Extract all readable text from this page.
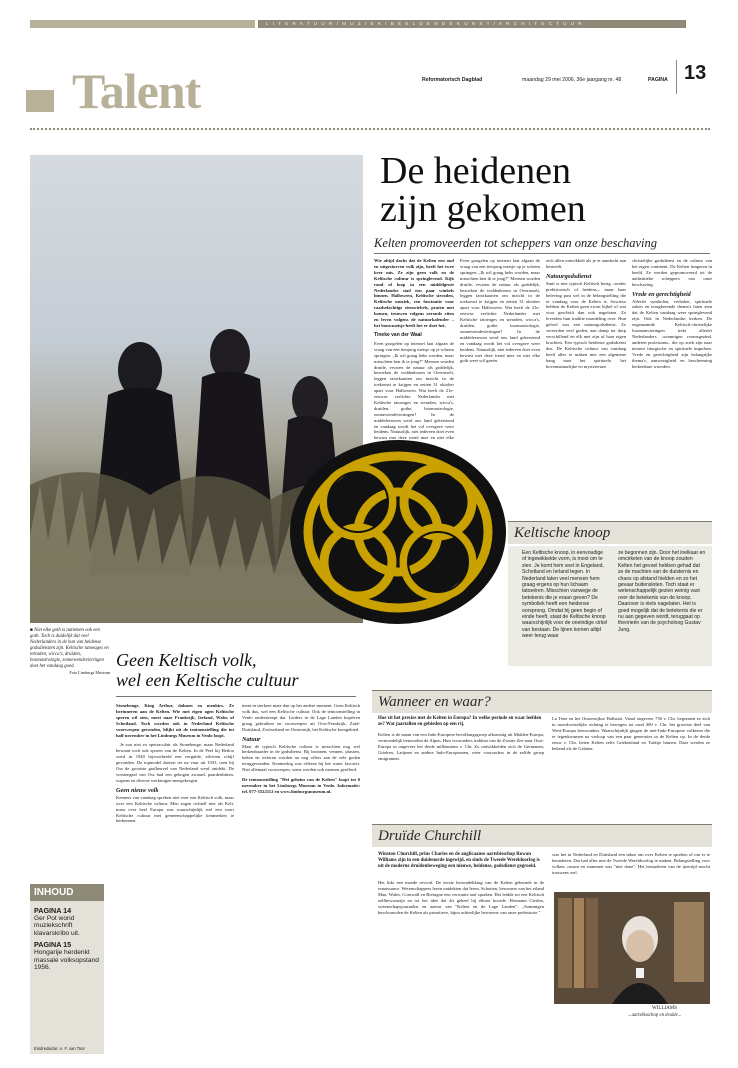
L I T E R A T U U R / M U Z I E K / B E E L D E N D E K U N S T / A R C H I T E C T U U R
Talent	Reformatorisch Dagblad	maandag 29 mei 2006, 36e jaargang nr. 48	PAGINA 13
De heidenen
zijn gekomen
Kelten promoveerden tot scheppers van onze beschaving

Wie altijd dacht dat de Kelten een oud en uitgestorven volk zijn, heeft het twee keer mis. Ze zijn geen volk en de Keltische cultuur is springlevend. Kijk rond of loop in een middelgrote Nederlandse stad een paar winkels binnen. Halloween, Keltische sieraden, Keltische muziek, een fascinatie voor raadselachtige steencirkels, praten met bomen, trouwen volgens oeroude riten en leven volgens de natuurkalender – het bouwmeisje heeft het er doet het.

Tineke van der Waal

Even googelen op internet laat afgaan de vraag van een tienjarig meisje op je scherm springen: „Ik wil graag heks worden, maar misschien ben ik te jong?” Mensen worden druïde, ervaren de natuur als goddelijk, bezoeken de voddenboom in Overasselt, leggen tarotkaarten om inzicht in de toekomst te krijgen en zetten 31 oktober apart voor Halloween. Wat heeft de 21e-eeuwse verlichte Nederlander met Keltische tatoeages en sieraden, wicca's, druïden, gothe, boomastrologie, zonnewendevieringen? In de middeleeuwen werd ons land gekerstend en vandaag wordt het vol overgave weer heidens. Natuurlijk, niet iedereen doet even bewust met deze trend mee en niet elke goth weet wil geeën.

Even googelen op internet laat afgaan de vraag van een tienjarig meisje op je scherm springen: „Ik wil graag heks worden, maar misschien ben ik te jong?” Mensen worden druïde, ervaren de natuur als goddelijk, bezoeken de voddenboom in Overasselt, leggen tarotkaarten om inzicht in de toekomst te krijgen en zetten 31 oktober apart voor Halloween. Wat heeft de 21e-eeuwse verlichte Nederlander met Keltische tatoeages en sieraden, wicca's, druïden, gothe, boomastrologie, zonnewendevieringen? In de middeleeuwen werd ons land gekerstend en vandaag wordt het vol overgave weer heidens. Natuurlijk, niet iedereen doet even bewust met deze trend mee en niet elke goth weet wil geeën.

zich allen ontwikkelt als je er aandacht aan besteedt.

Natuurgodsdienst

Smit is niet typisch Keltisch bezig –eerder prehistorisch of heidens–, maar haar beleving past wel in de belangstelling die er vandaag voor de Kelten is. Sowieso hebben de Kelten geen zwart bijbel of wat voor geschrift dan ook nagelaten. Ze leverden hun traditie mondeling over. Hun geloof was een natuurgodsdienst. Ze vereerden veel goden, aan damp tot dorp verschillend en elk met zijn of haar eigen krachten. Een typisch heidense godsdienst dus. De Keltische cultuur van vandaag heeft alles te maken met een algemene hang naar het spirituele, het bovennatuurlijke en mysterieuze.

christelijke godsdienst en de cultuur van het eigen continent. De Kelten fungeren in beeld. Ze werden gepromoveerd tot de authentieke scheppers van onze beschaving.

Vrede en gerechtigheid

Allerlei symbolen, verhalen, spirituele zaken en terugkerende thema's laten zien dat de Kelten vandaag weer springlevend zijn. Ook in Nederlandse kerken. De zogenaamde Keltisch-christelijke losmaanvieringen trekt allerlei Nederlanders –sommigen roomsgezind, anderen protestants– die op zoek zijn naar nieuwe liturgische en spirituele impulsen. Vrede en gerechtigheid zijn belangrijke thema's, aanwezigheid en bescherming herkenbare woorden.

Keltische knoop
Een Keltische knoop, in eenvoudige of ingewikkelde vorm, is mooi om te zien. Je komt hem veel in Engeland, Schotland en Ierland tegen. In Nederland laten veel mensen hem graag ergens op hun lichaam tatoeëren. Misschien vanwege de betekenis die je eraan geven? De symboliek heeft een heidense oorsprong. Omdat hij geen begin of einde heeft, staat de Keltische knoop waarschijnlijk voor de oneindige cirkel van bestaan. De lijnen komen altijd weer terug waar
ze begonnen zijn. Door het inelkaar en omcirkelen van de knoop zouden Kelten het gevoel hebben gehad dat ze de machten van de duisternis en chaos op afstand hielden en zo het gevaar buitensloten. Toch staat er wetenschappelijk gezien weinig vast over de betekenis van de knoop. Daarover is niets nagelaten. Het is goed mogelijk dat de betekenis die er nu aan gegeven wordt, teruggaat op theorieën van de psycholoog Gustav Jung.
■ Niet elke goth is natiemen ook een goth. Toch is duidelijk dat veel Nederlanders in de ban van heidense godsdiensten zijn. Keltische tatoeages en tetraden, wicca's, druïden, boomastrologie, zonnewendevieringen doet het vandaag goed.
Foto Limburgs Museum
Geen Keltisch volk,
wel een Keltische cultuur

Stonehenge, King Arthur, dolmen en menhirs. Ze herinneren aan de Kelten. Wie met eigen ogen Keltische sporen wil zien, moet naar Frankrijk, Ierland, Wales of Schotland. Toch worden ook in Nederland Keltische voorwerpen gevonden, blijkt uit de tentoonstelling die tot half november in het Limburgs Museum in Venlo loopt.

Je zou niet zo spectaculair als Stonehenge, maar Nederland bewaart toch ook sporen van de Kelten. In de Peel bij Heiloo werd in 1940 bijvoorbeeld een vergulde, zilveren schijf gevonden. De topmodel dateert tot na vuur uit 1933, toen bij Oss de grootste grafheuvel van Nederland werd ontdekt. De vorstengraf van Oss had een gebogen zwaard, paardenbitten, wapens en diverse werktuigen meegekregen.

Geen nieuw volk

Kenners van vandaag spreken niet over een Keltisch volk, maar over een Keltische cultuur. Men zagen richtelf niet als Kelt, maar over heel Europa was waarschijnlijk wel een soort Keltische cultuur met gemeenschappelijke kenmerken te herkennen.

ment in sterkere mate dan op het andere moment. Geen Keltisch volk dus, wel een Keltische cultuur. Ook de tentoonstelling in Venlo onderstreept dat. Leiders in de Lage Landen kopiëren graag gebruiken en voorwerpen uit Oost-Frankrijk, Zuid-Duitsland, Zwitserland en Oostenrijk, het Keltische kerngebied.

Natuur

Maar de typisch Keltische cultuur is misschien nog wel herkenbaarder in de godsdienst. Bij bronnen, vennen, plassen, beken en rivieren worden nu nog offers aan de vele goden teruggevonden. Kenmerkig was offeren bij het water favoriet. Niet allemaal voorwerpen, soms werden ook mensen geofferd.

De tentoonstelling "Het geheim van de Kelten" loopt tot 6 november in het Limburgs Museum in Venlo. Informatie: tel. 077-3522112 en www.limburgsmuseum.nl.

INHOUD
PAGINA 14
Ger Pot wond muziekschrift klavarskribo uit.
PAGINA 15
Hongarije herdenkt massale volksopstand 1956.
Eindredactie: A. F. van Toor
Wanneer en waar?
Hoe zit het precies met de Kelten in Europa? In welke periode en waar leefden ze? Wat jaartallen en gebieden op een rij.
Kelten is de naam van een Indo-Europese bevolkingsgroep afkomstig uit Midden-Europa, vermoedelijk benoorden de Alpen. Hun voorouders trokken van de Zwarte Zee naar Oost-Europa in ongeveer het derde millennium v. Chr. Zo ontwikkelden zich de Germanen, Grieken, Latijnen en andere Indo-Europeanen, weer voorouders in de zelfde groep emigranten.
La Tène en het Oostenrijkse Hallstatt. Vanaf ongeveer 750 v. Chr. begonnen ze zich in noordwestelijke richting te bewegen tot rond 400 v. Chr. het grootste deel van West-Europa bewoonden. Waarschijnlijk gingen de niet-Indo-Europese volkeren die er tegenkwamen na verloop van een paar generaties in de Kelten op. In de derde eeuw v. Chr. lieten Kelten zelfs Griekenland en Turkije binnen. Daar werden ze bekend als de Galaten.
Druïde Churchill
Winston Churchill, prins Charles en de anglicaanse aartsbisschop Rowan Williams zijn in een duidenorde ingewijd, en sinds de Tweede Wereldoorlog is uit de moderne druïdenbeweging een nieuwe, heidense, godsdienst gegroeid.
Het liikt een moede revival. De eerste herontdekking van de Kelten gebeurde in de renaissance. Wetenschappers lezen ontdekten dat Ieren, Schotten, bewoners van het eiland Man, Wales, Cornwall en Bretagne een verwante taal spraken. Het leidde tot een Keltisch zelfbewustzijn en tot het idee dat dit geheel bij elkaar hoorde. Hermann Cierlen, wetenschapsjournalist en auteur van "Kelten en de Lage Landen": „Sommigen beschouwden de Kelten als primitieve, bijna achterlijke bewoners van onze prehistorie."
was het in Nederland en Duitsland een taboe om over Kelten te spreken of om er te benaderen. Dat had alles met de Tweede Wereldoorlog te maken. Belangstelling voor volken, rassen en stammen was "niet done". Het bestuderen van de ijzertijd mocht trouwens wel.
WILLIAMS
...aartsbisschop en druïde...
